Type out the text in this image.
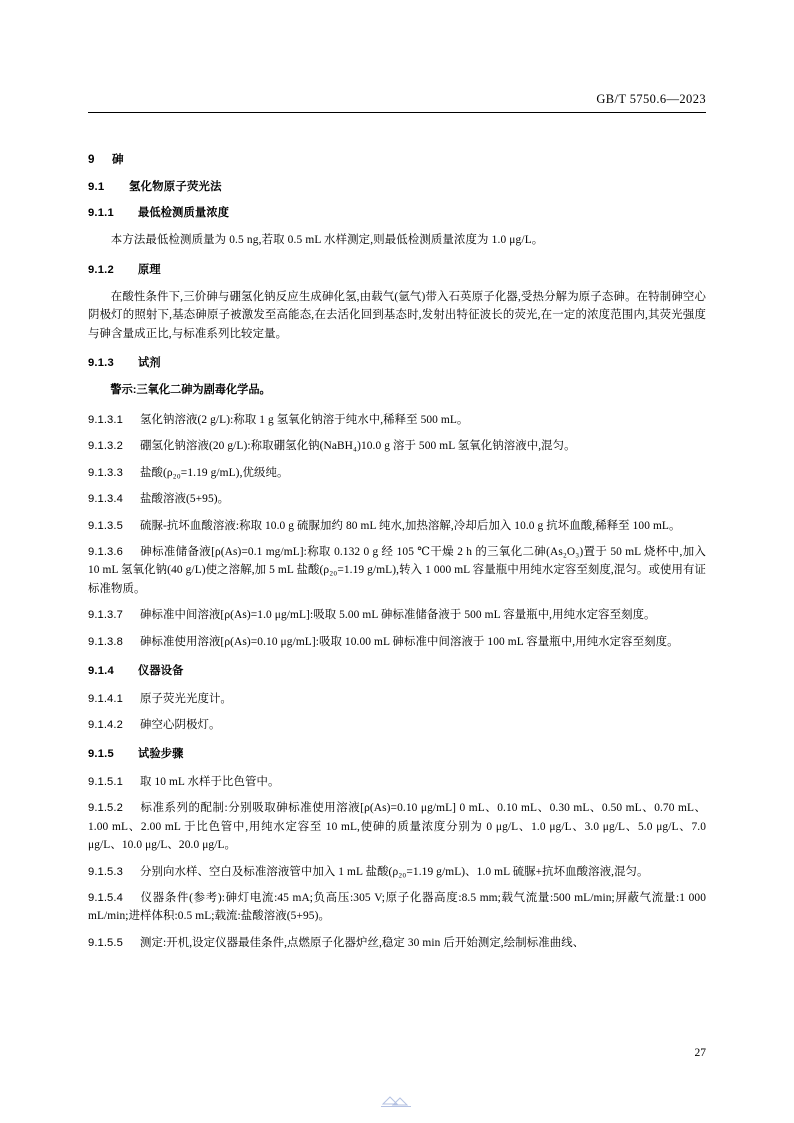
GB/T 5750.6—2023
9 砷
9.1 氢化物原子荧光法
9.1.1 最低检测质量浓度

本方法最低检测质量为 0.5 ng,若取 0.5 mL 水样测定,则最低检测质量浓度为 1.0 μg/L。

9.1.2 原理

在酸性条件下,三价砷与硼氢化钠反应生成砷化氢,由载气(氩气)带入石英原子化器,受热分解为原子态砷。在特制砷空心阴极灯的照射下,基态砷原子被激发至高能态,在去活化回到基态时,发射出特征波长的荧光,在一定的浓度范围内,其荧光强度与砷含量成正比,与标准系列比较定量。

9.1.3 试剂

警示:三氧化二砷为剧毒化学品。

9.1.3.1 氢化钠溶液(2 g/L):称取 1 g 氢氧化钠溶于纯水中,稀释至 500 mL。
9.1.3.2 硼氢化钠溶液(20 g/L):称取硼氢化钠(NaBH₄)10.0 g 溶于 500 mL 氢氧化钠溶液中,混匀。
9.1.3.3 盐酸(ρ₂₀=1.19 g/mL),优级纯。
9.1.3.4 盐酸溶液(5+95)。
9.1.3.5 硫脲-抗坏血酸溶液:称取 10.0 g 硫脲加约 80 mL 纯水,加热溶解,冷却后加入 10.0 g 抗坏血酸,稀释至 100 mL。
9.1.3.6 砷标准储备液[ρ(As)=0.1 mg/mL]:称取 0.132 0 g 经 105 ℃干燥 2 h 的三氧化二砷(As₂O₃)置于 50 mL 烧杯中,加入 10 mL 氢氧化钠(40 g/L)使之溶解,加 5 mL 盐酸(ρ₂₀=1.19 g/mL),转入 1 000 mL 容量瓶中用纯水定容至刻度,混匀。或使用有证标准物质。
9.1.3.7 砷标准中间溶液[ρ(As)=1.0 μg/mL]:吸取 5.00 mL 砷标准储备液于 500 mL 容量瓶中,用纯水定容至刻度。
9.1.3.8 砷标准使用溶液[ρ(As)=0.10 μg/mL]:吸取 10.00 mL 砷标准中间溶液于 100 mL 容量瓶中,用纯水定容至刻度。
9.1.4 仪器设备
9.1.4.1 原子荧光光度计。
9.1.4.2 砷空心阴极灯。
9.1.5 试验步骤
9.1.5.1 取 10 mL 水样于比色管中。
9.1.5.2 标准系列的配制:分别吸取砷标准使用溶液[ρ(As)=0.10 μg/mL] 0 mL、0.10 mL、0.30 mL、0.50 mL、0.70 mL、1.00 mL、2.00 mL 于比色管中,用纯水定容至 10 mL,使砷的质量浓度分别为 0 μg/L、1.0 μg/L、3.0 μg/L、5.0 μg/L、7.0 μg/L、10.0 μg/L、20.0 μg/L。
9.1.5.3 分别向水样、空白及标准溶液管中加入 1 mL 盐酸(ρ₂₀=1.19 g/mL)、1.0 mL 硫脲+抗坏血酸溶液,混匀。
9.1.5.4 仪器条件(参考):砷灯电流:45 mA;负高压:305 V;原子化器高度:8.5 mm;载气流量:500 mL/min;屏蔽气流量:1 000 mL/min;进样体积:0.5 mL;载流:盐酸溶液(5+95)。
9.1.5.5 测定:开机,设定仪器最佳条件,点燃原子化器炉丝,稳定 30 min 后开始测定,绘制标准曲线、
27
